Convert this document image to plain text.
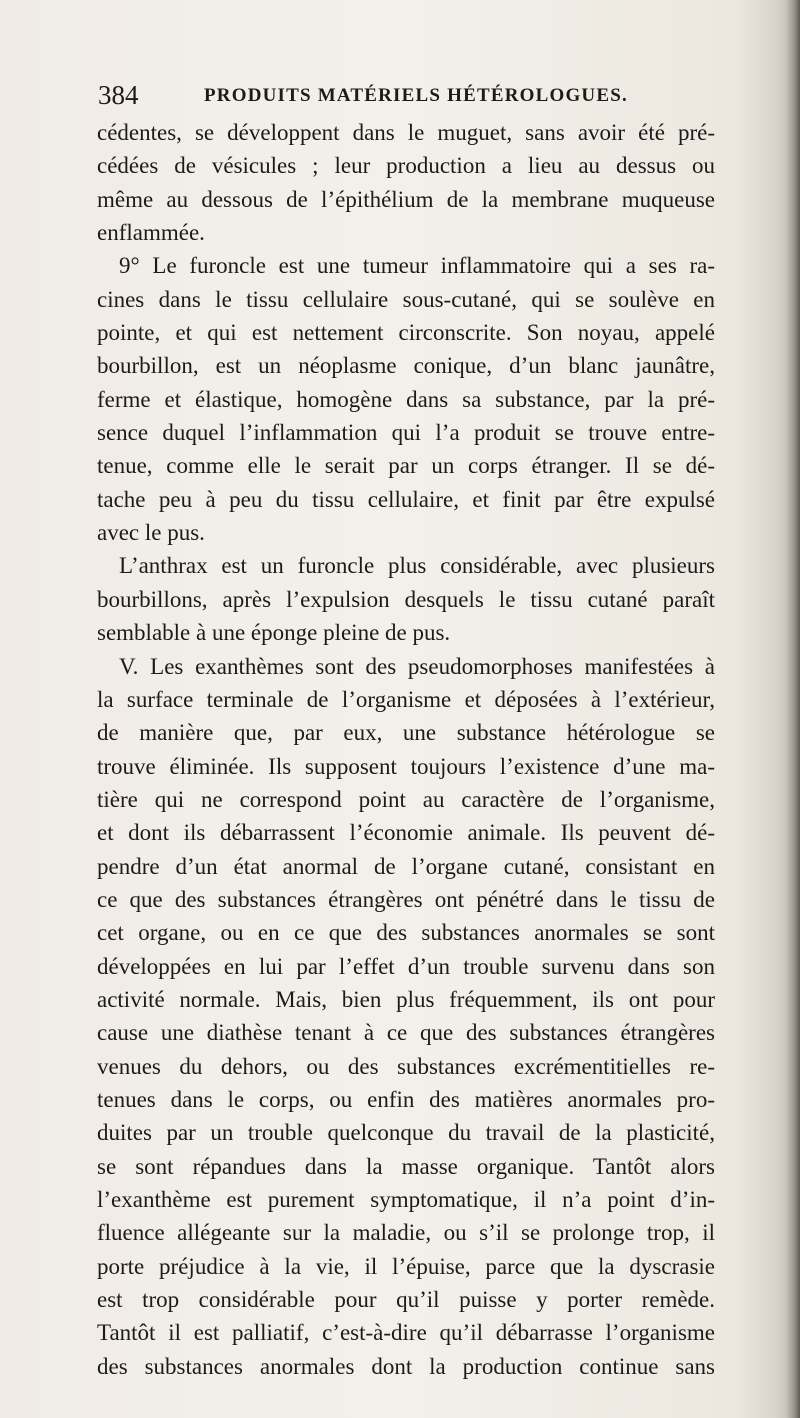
384	PRODUITS MATÉRIELS HÉTÉROLOGUES.
cédentes, se développent dans le muguet, sans avoir été pré-
cédées de vésicules ; leur production a lieu au dessus ou
même au dessous de l’épithélium de la membrane muqueuse
enflammée.
9° Le furoncle est une tumeur inflammatoire qui a ses ra-
cines dans le tissu cellulaire sous-cutané, qui se soulève en
pointe, et qui est nettement circonscrite. Son noyau, appelé
bourbillon, est un néoplasme conique, d’un blanc jaunâtre,
ferme et élastique, homogène dans sa substance, par la pré-
sence duquel l’inflammation qui l’a produit se trouve entre-
tenue, comme elle le serait par un corps étranger. Il se dé-
tache peu à peu du tissu cellulaire, et finit par être expulsé
avec le pus.
L’anthrax est un furoncle plus considérable, avec plusieurs
bourbillons, après l’expulsion desquels le tissu cutané paraît
semblable à une éponge pleine de pus.
V. Les exanthèmes sont des pseudomorphoses manifestées à
la surface terminale de l’organisme et déposées à l’extérieur,
de manière que, par eux, une substance hétérologue se
trouve éliminée. Ils supposent toujours l’existence d’une ma-
tière qui ne correspond point au caractère de l’organisme,
et dont ils débarrassent l’économie animale. Ils peuvent dé-
pendre d’un état anormal de l’organe cutané, consistant en
ce que des substances étrangères ont pénétré dans le tissu de
cet organe, ou en ce que des substances anormales se sont
développées en lui par l’effet d’un trouble survenu dans son
activité normale. Mais, bien plus fréquemment, ils ont pour
cause une diathèse tenant à ce que des substances étrangères
venues du dehors, ou des substances excrémentitielles re-
tenues dans le corps, ou enfin des matières anormales pro-
duites par un trouble quelconque du travail de la plasticité,
se sont répandues dans la masse organique. Tantôt alors
l’exanthème est purement symptomatique, il n’a point d’in-
fluence allégeante sur la maladie, ou s’il se prolonge trop, il
porte préjudice à la vie, il l’épuise, parce que la dyscrasie
est trop considérable pour qu’il puisse y porter remède.
Tantôt il est palliatif, c’est-à-dire qu’il débarrasse l’organisme
des substances anormales dont la production continue sans
